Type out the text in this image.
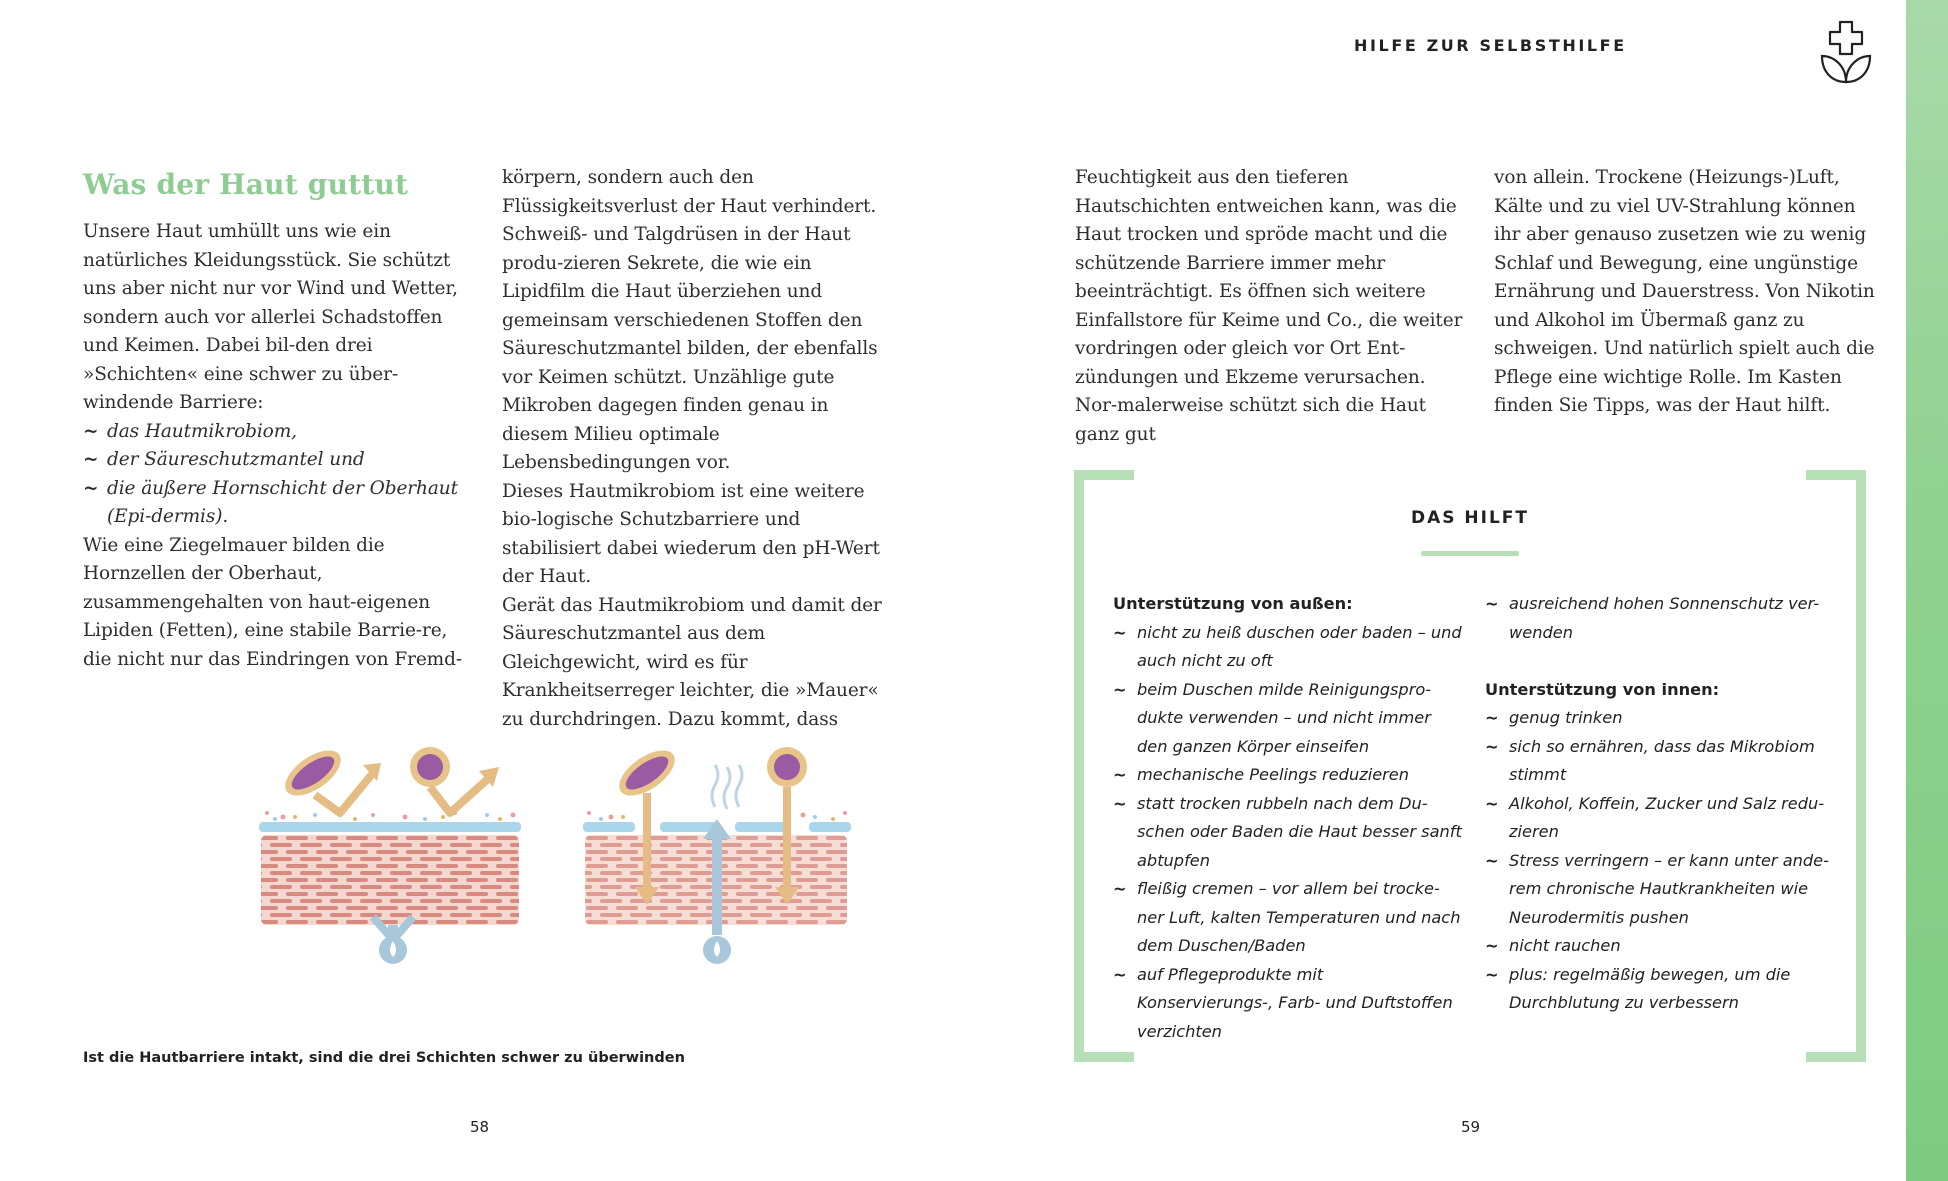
Was der Haut guttut

Unsere Haut umhüllt uns wie ein natürliches Kleidungsstück. Sie schützt uns aber nicht nur vor Wind und Wetter, sondern auch vor allerlei Schadstoffen und Keimen. Dabei bil-den drei »Schichten« eine schwer zu über-windende Barriere:

~ das Hautmikrobiom,
~ der Säureschutzmantel und
~ die äußere Hornschicht der Oberhaut (Epi-dermis).

Wie eine Ziegelmauer bilden die Hornzellen der Oberhaut, zusammengehalten von haut-eigenen Lipiden (Fetten), eine stabile Barrie-re, die nicht nur das Eindringen von Fremd-

körpern, sondern auch den Flüssigkeitsverlust der Haut verhindert.

Schweiß- und Talgdrüsen in der Haut produ-zieren Sekrete, die wie ein Lipidfilm die Haut überziehen und gemeinsam verschiedenen Stoffen den Säureschutzmantel bilden, der ebenfalls vor Keimen schützt. Unzählige gute Mikroben dagegen finden genau in diesem Milieu optimale Lebensbedingungen vor.

Dieses Hautmikrobiom ist eine weitere bio-logische Schutzbarriere und stabilisiert dabei wiederum den pH-Wert der Haut.

Gerät das Hautmikrobiom und damit der Säureschutzmantel aus dem Gleichgewicht, wird es für Krankheitserreger leichter, die »Mauer« zu durchdringen. Dazu kommt, dass

Ist die Hautbarriere intakt, sind die drei Schichten schwer zu überwinden
58
HILFE ZUR SELBSTHILFE
Feuchtigkeit aus den tieferen Hautschichten entweichen kann, was die Haut trocken und spröde macht und die schützende Barriere immer mehr beeinträchtigt. Es öffnen sich weitere Einfallstore für Keime und Co., die weiter vordringen oder gleich vor Ort Ent-zündungen und Ekzeme verursachen. Nor-malerweise schützt sich die Haut ganz gut
von allein. Trockene (Heizungs-)Luft, Kälte und zu viel UV-Strahlung können ihr aber genauso zusetzen wie zu wenig Schlaf und Bewegung, eine ungünstige Ernährung und Dauerstress. Von Nikotin und Alkohol im Übermaß ganz zu schweigen. Und natürlich spielt auch die Pflege eine wichtige Rolle. Im Kasten finden Sie Tipps, was der Haut hilft.
DAS HILFT

Unterstützung von außen:

~ nicht zu heiß duschen oder baden – und auch nicht zu oft
~ beim Duschen milde Reinigungspro-dukte verwenden – und nicht immer den ganzen Körper einseifen
~ mechanische Peelings reduzieren
~ statt trocken rubbeln nach dem Du-schen oder Baden die Haut besser sanft abtupfen
~ fleißig cremen – vor allem bei trocke-ner Luft, kalten Temperaturen und nach dem Duschen/Baden
~ auf Pflegeprodukte mit Konservierungs-, Farb- und Duftstoffen verzichten
~ ausreichend hohen Sonnenschutz ver-wenden

Unterstützung von innen:

~ genug trinken
~ sich so ernähren, dass das Mikrobiom stimmt
~ Alkohol, Koffein, Zucker und Salz redu-zieren
~ Stress verringern – er kann unter ande-rem chronische Hautkrankheiten wie Neurodermitis pushen
~ nicht rauchen
~ plus: regelmäßig bewegen, um die Durchblutung zu verbessern
59
